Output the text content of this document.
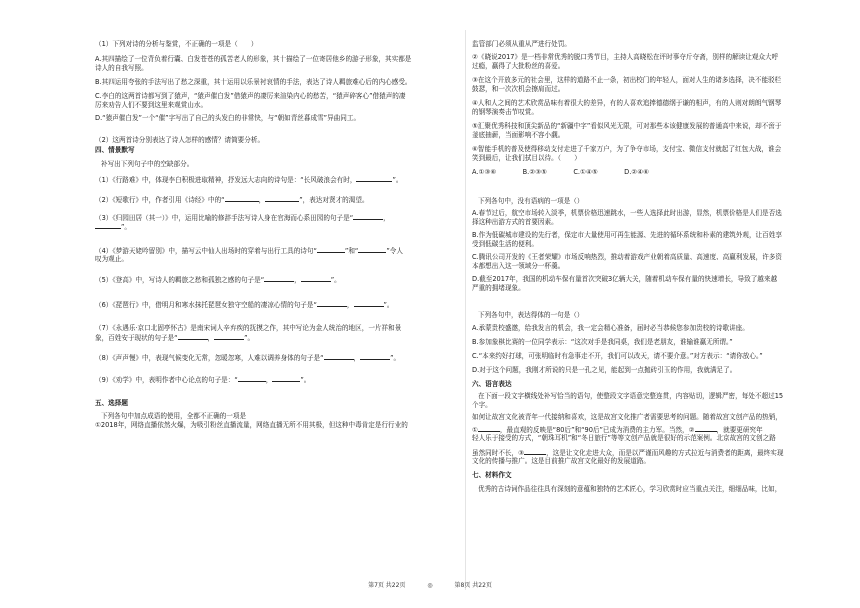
（1）下列对诗的分析与鉴赏，不正确的一项是（　　）
A.其四描绘了一位背负着行囊、白发苍苍的孤苦老人的形象，其十描绘了一位寄居他乡的游子形象，其实都是
诗人的自我写照。
B.其四运用夸张的手法写出了愁之深重，其十运用以乐景衬哀情的手法，表达了诗人羁旅难心后的内心感受。
C.李白的这两首诗都写到了猿声，“猿声催白发”借猿声的凄厉来渲染内心的愁苦，“猿声碎客心”借猿声的凄
厉来劝告人们不要到这里来观赏山水。
D.“猿声催白发”一个“催”字写出了自己的头发白的非常快，与“朝如青丝暮成雪”异曲同工。
（2）这两首诗分别表达了诗人怎样的感情？请简要分析。
四、情景默写
补写出下列句子中的空缺部分。
（1）《行路难》中，体现李白积极进取精神，抒发远大志向的诗句是：“长风破浪会有时，	”。
（2）《短歌行》中，作者引用《诗经》中的“	，	”，表达对贤才的渴望。
（3）《归园田居（其一）》中，运用比喻的修辞手法写诗人身在官海而心系田园的句子是“	，
”。
（4）《梦游天姥吟留别》中，描写云中仙人出场时的穿着与出行工具的诗句“	”和“	”令人
叹为观止。
（5）《登高》中，写诗人的羁旅之愁和孤独之感的句子是“	，	”。
（6）《琵琶行》中，借明月和寒水抹托琵琶女独守空船的凄凉心情的句子是“	，	”。
（7）《永遇乐·京口北固亭怀古》是南宋词人辛弃疾的抚摸之作，其中写论为金人统治的地区，一片祥和景
象，百姓安于现状的句子是“	，	”。
（8）《声声慢》中，表现气候变化无常，忽暖忽寒，人难以调养身体的句子是“	，	”。
（9）《劝学》中，表明作者中心论点的句子是：“	，	”。
五、选择题
下列各句中加点成语的使用，全都不正确的一项是
①2018年，网络直播依然火爆，为吸引粉丝直播流量，网络直播无所不用其极，但这种中毒肯定是行行业的
监管部门必须从重从严进行处罚。
②《晓说2017》是一档非常优秀的脱口秀节目，主持人高晓松在评时事夺斤夺斋，别样的解读让观众大呼
过瘾，赢得了大批粉丝的喜爱。
③在这个开放多元的社会里，这样的道路不止一条，初出校门的年轻人，面对人生的诸多选择，决不能驳栏
鼓瑟，和一次次机会擦肩而过。
④人和人之间的艺术欣赏品味有着很大的差异，有的人喜欢追捧德德纲于谦的相声，有的人则对朗朗气钢琴
的钢琴演奏击节叹赏。
⑤汇聚优秀科技和顶尖新品的“新疆中字”看似风光无限，可对那些本该健康发展的普通高中来说，却不啻于
釜底抽薪，当面影响不容小觑。
⑥智能手机的普及使得移动支付走进了千家万户，为了争夺市场，支付宝、微信支付就起了红包大战，谁会
笑到最后，让我们拭目以待。（　　）
A.①③⑥　　　　B.②③⑤　　　　C.①④⑤　　　　D.②④⑥
下列各句中，没有语病的一项是（）
A.春节过后，航空市场转入淡季，机票价格迅速跳水，一些人选择此时出游，显然，机票价格是人们是否选
择这种出游方式的首要因素。
B.作为低碳城市建设的先行者，保定市大量使用可再生能源、先进的循环系统和朴素的建筑外观，让百姓享
受到低碳生活的便利。
C.腾讯公司开发的《王者荣耀》市场反响热烈，推动着游戏产业朝着高质量、高速度、高赢利发展，许多资
本都想出入这一领域分一杯羹。
D.截至2017年，我国的机动车保有量首次突破3亿辆大关，随着机动车保有量的快速增长，导致了越来越
严重的拥堵现象。
下列各句中，表达得体的一句是（）
A.承蒙贵校盛邀，给我发言的机会，我一定会精心准备，届时必当恭候您参加贵校的诗歌讲座。
B.参加象棋比赛的一位同学表示：“这次对手是我同桌，我们是老朋友，谁输谁赢无所谓。”
C.“本来约好打球，可张明临时有急事走不开，我们可以改天，请不要介意。”对方表示：“请你放心。”
D.对于这个问题，我刚才所说的只是一孔之见，能起到一点抛砖引玉的作用，我就满足了。
六、语言表达
在下面一段文字横线处补写恰当的语句，使整段文字语意完整连贯，内容贴切，逻辑严密，每处不超过15
个字。
如何让故宫文化被青年一代接纳和喜欢，这是故宫文化推广者需要思考的问题。随着故宫文创产品的热销，
①	，最直观的反映是“80后”和“90后”已成为消费的主力军。当然，②	，就要更研究年
轻人乐于接受的方式，“朝珠耳机”和“冬日旅行”等等文创产品就是很好的示范案例。北京故宫的文创之路
虽然同时不长，③	，这是让文化走进大众，而是以严谨而风趣的方式拉近与消费者的距离，最终实现
文化的传播与推广。这是目前推广故宫文化最好的发展道路。
七、材料作文
优秀的古诗词作品往往具有深刻的意蕴和独特的艺术匠心，学习欣赏时应当重点关注，细细品味，比如，
第7页 共22页	◎	第8页 共22页
